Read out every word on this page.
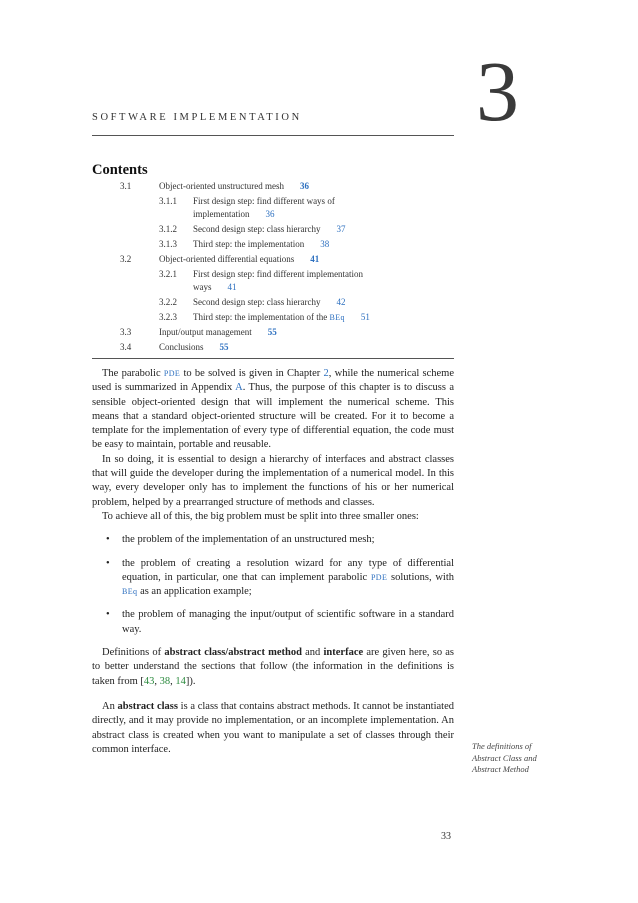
SOFTWARE IMPLEMENTATION 3
Contents
3.1	Object-oriented unstructured mesh 36
3.1.1 First design step: find different ways of implementation 36
3.1.2 Second design step: class hierarchy 37
3.1.3 Third step: the implementation 38
3.2	Object-oriented differential equations 41
3.2.1 First design step: find different implementation ways 41
3.2.2 Second design step: class hierarchy 42
3.2.3 Third step: the implementation of the BEq 51
3.3	Input/output management 55
3.4	Conclusions 55

The parabolic PDE to be solved is given in Chapter 2, while the numerical scheme used is summarized in Appendix A. Thus, the purpose of this chapter is to discuss a sensible object-oriented design that will implement the numerical scheme. This means that a standard object-oriented structure will be created. For it to become a template for the implementation of every type of differential equation, the code must be easy to maintain, portable and reusable.

In so doing, it is essential to design a hierarchy of interfaces and abstract classes that will guide the developer during the implementation of a numerical model. In this way, every developer only has to implement the functions of his or her numerical problem, helped by a prearranged structure of methods and classes.

To achieve all of this, the big problem must be split into three smaller ones:

• the problem of the implementation of an unstructured mesh;
• the problem of creating a resolution wizard for any type of differential equation, in particular, one that can implement parabolic PDE solutions, with BEq as an application example;
• the problem of managing the input/output of scientific software in a standard way.

Definitions of abstract class/abstract method and interface are given here, so as to better understand the sections that follow (the information in the definitions is taken from [43, 38, 14]).

An abstract class is a class that contains abstract methods. It cannot be instantiated directly, and it may provide no implementation, or an incomplete implementation. An abstract class is created when you want to manipulate a set of classes through their common interface.	The definitions of Abstract Class and Abstract Method
33
